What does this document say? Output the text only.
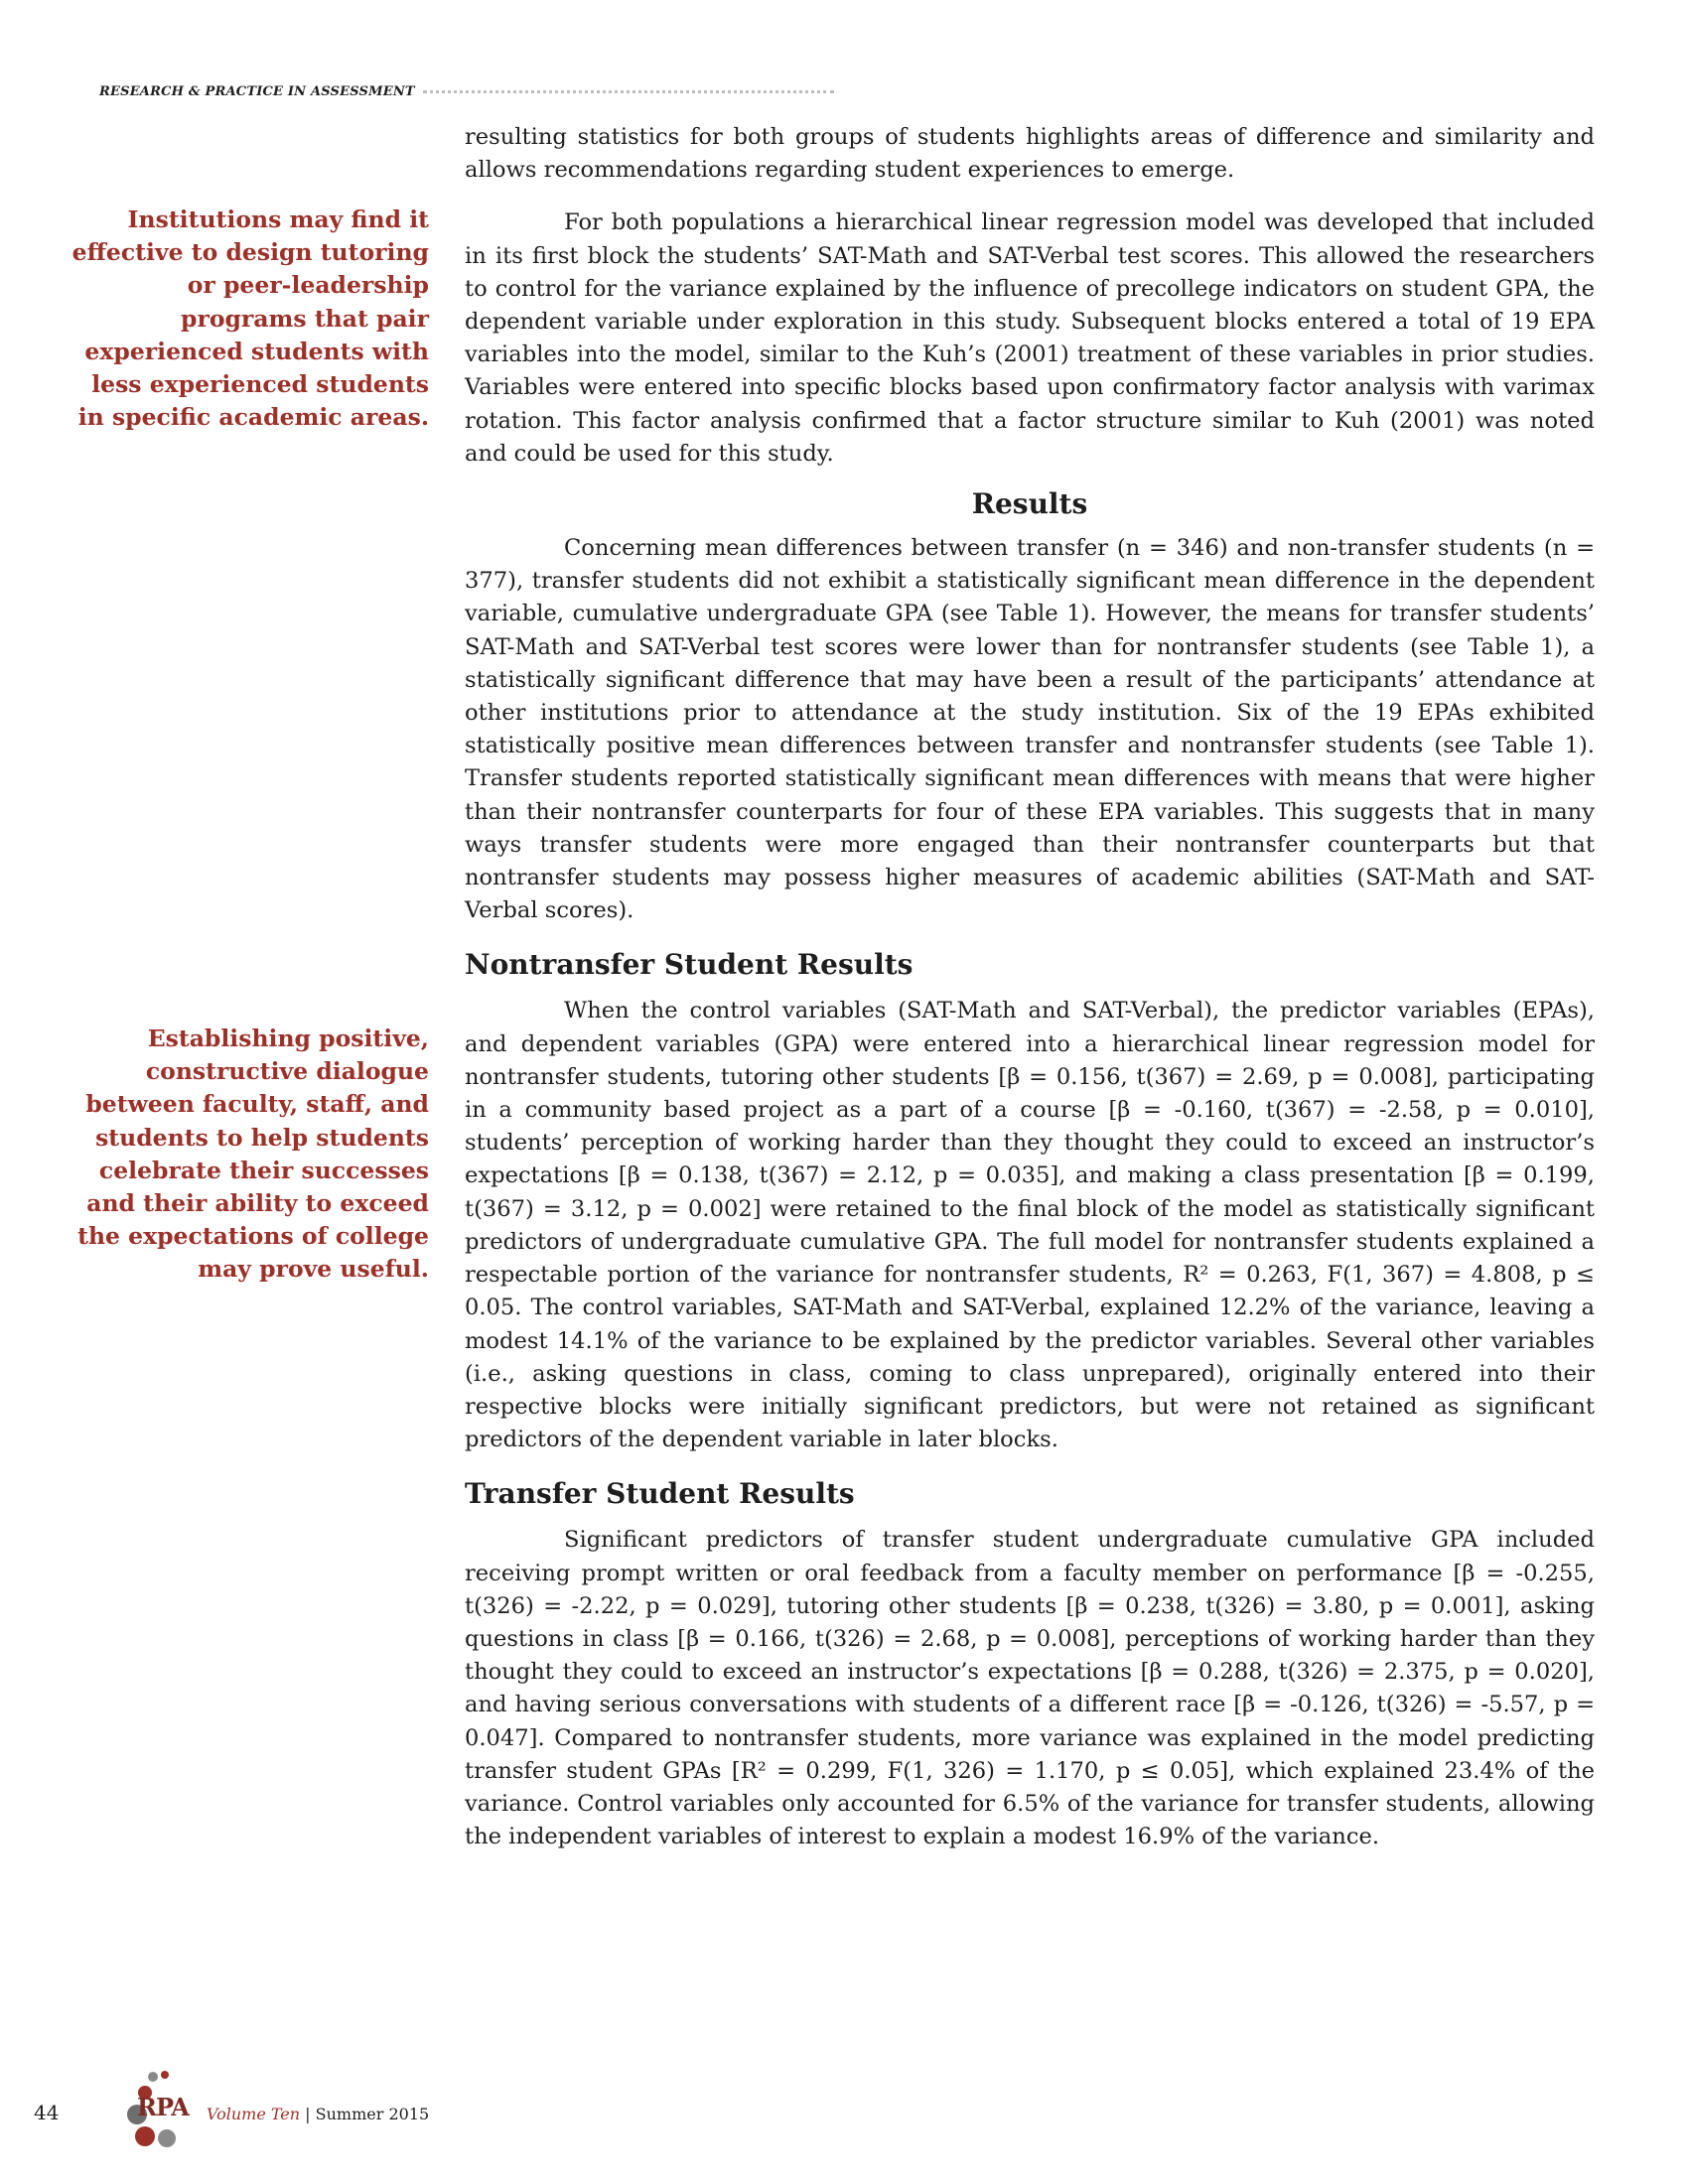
RESEARCH & PRACTICE IN ASSESSMENT
Institutions may find it effective to design tutoring or peer-leadership programs that pair experienced students with less experienced students in specific academic areas.
Establishing positive, constructive dialogue between faculty, staff, and students to help students celebrate their successes and their ability to exceed the expectations of college may prove useful.

resulting statistics for both groups of students highlights areas of difference and similarity and allows recommendations regarding student experiences to emerge.

For both populations a hierarchical linear regression model was developed that included in its first block the students’ SAT-Math and SAT-Verbal test scores. This allowed the researchers to control for the variance explained by the influence of precollege indicators on student GPA, the dependent variable under exploration in this study. Subsequent blocks entered a total of 19 EPA variables into the model, similar to the Kuh’s (2001) treatment of these variables in prior studies. Variables were entered into specific blocks based upon confirmatory factor analysis with varimax rotation. This factor analysis confirmed that a factor structure similar to Kuh (2001) was noted and could be used for this study.

Results

Concerning mean differences between transfer (n = 346) and non-transfer students (n = 377), transfer students did not exhibit a statistically significant mean difference in the dependent variable, cumulative undergraduate GPA (see Table 1). However, the means for transfer students’ SAT-Math and SAT-Verbal test scores were lower than for nontransfer students (see Table 1), a statistically significant difference that may have been a result of the participants’ attendance at other institutions prior to attendance at the study institution. Six of the 19 EPAs exhibited statistically positive mean differences between transfer and nontransfer students (see Table 1). Transfer students reported statistically significant mean differences with means that were higher than their nontransfer counterparts for four of these EPA variables. This suggests that in many ways transfer students were more engaged than their nontransfer counterparts but that nontransfer students may possess higher measures of academic abilities (SAT-Math and SAT-Verbal scores).

Nontransfer Student Results

When the control variables (SAT-Math and SAT-Verbal), the predictor variables (EPAs), and dependent variables (GPA) were entered into a hierarchical linear regression model for nontransfer students, tutoring other students [β = 0.156, t(367) = 2.69, p = 0.008], participating in a community based project as a part of a course [β = -0.160, t(367) = -2.58, p = 0.010], students’ perception of working harder than they thought they could to exceed an instructor’s expectations [β = 0.138, t(367) = 2.12, p = 0.035], and making a class presentation [β = 0.199, t(367) = 3.12, p = 0.002] were retained to the final block of the model as statistically significant predictors of undergraduate cumulative GPA. The full model for nontransfer students explained a respectable portion of the variance for nontransfer students, R² = 0.263, F(1, 367) = 4.808, p ≤ 0.05. The control variables, SAT-Math and SAT-Verbal, explained 12.2% of the variance, leaving a modest 14.1% of the variance to be explained by the predictor variables. Several other variables (i.e., asking questions in class, coming to class unprepared), originally entered into their respective blocks were initially significant predictors, but were not retained as significant predictors of the dependent variable in later blocks.

Transfer Student Results

Significant predictors of transfer student undergraduate cumulative GPA included receiving prompt written or oral feedback from a faculty member on performance [β = -0.255, t(326) = -2.22, p = 0.029], tutoring other students [β = 0.238, t(326) = 3.80, p = 0.001], asking questions in class [β = 0.166, t(326) = 2.68, p = 0.008], perceptions of working harder than they thought they could to exceed an instructor’s expectations [β = 0.288, t(326) = 2.375, p = 0.020], and having serious conversations with students of a different race [β = -0.126, t(326) = -5.57, p = 0.047]. Compared to nontransfer students, more variance was explained in the model predicting transfer student GPAs [R² = 0.299, F(1, 326) = 1.170, p ≤ 0.05], which explained 23.4% of the variance. Control variables only accounted for 6.5% of the variance for transfer students, allowing the independent variables of interest to explain a modest 16.9% of the variance.

44	RPA Volume Ten | Summer 2015
